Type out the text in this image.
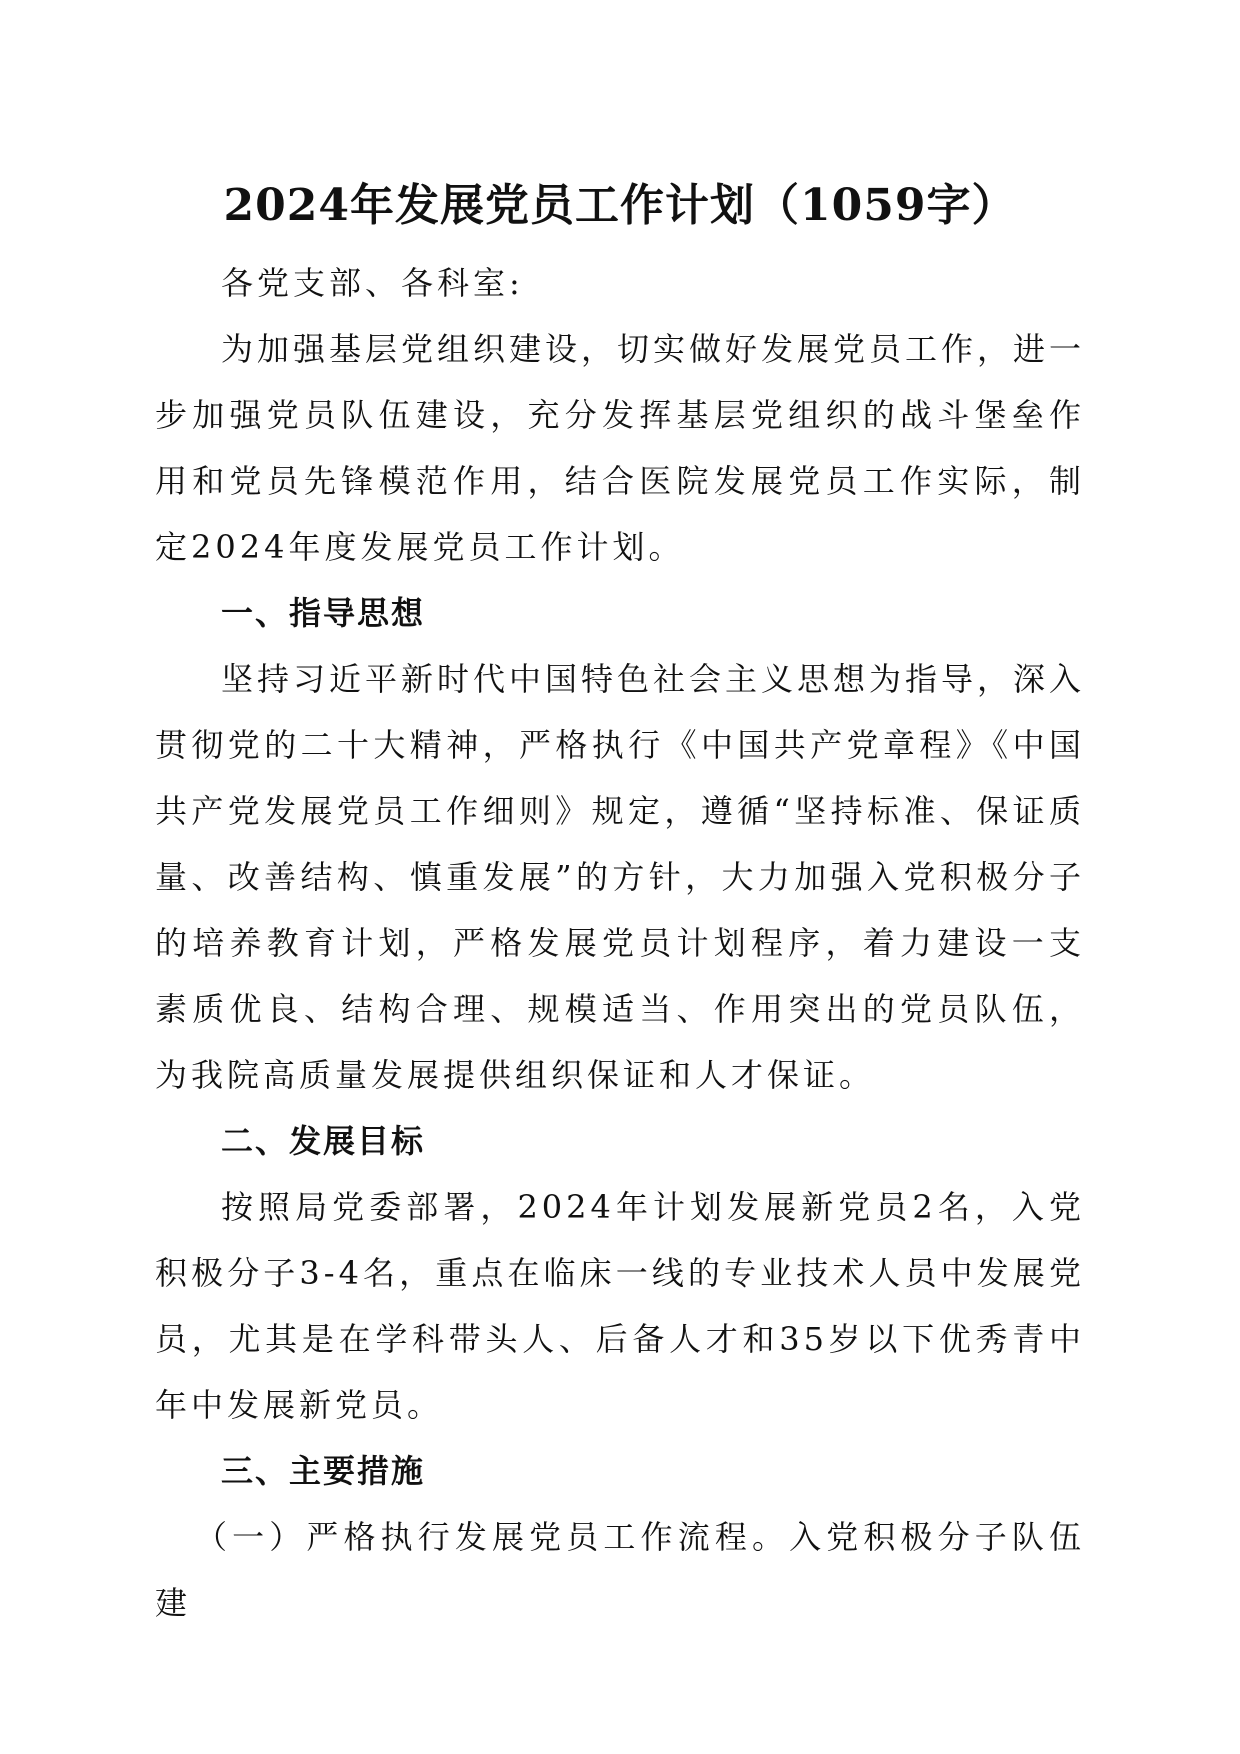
2024年发展党员工作计划（1059字）

各党支部、各科室:

为加强基层党组织建设，切实做好发展党员工作，进一步加强党员队伍建设，充分发挥基层党组织的战斗堡垒作用和党员先锋模范作用，结合医院发展党员工作实际，制定2024年度发展党员工作计划。

一、指导思想

坚持习近平新时代中国特色社会主义思想为指导，深入贯彻党的二十大精神，严格执行《中国共产党章程》《中国共产党发展党员工作细则》规定，遵循“坚持标准、保证质量、改善结构、慎重发展”的方针，大力加强入党积极分子的培养教育计划，严格发展党员计划程序，着力建设一支素质优良、结构合理、规模适当、作用突出的党员队伍，为我院高质量发展提供组织保证和人才保证。

二、发展目标

按照局党委部署，2024年计划发展新党员2名，入党积极分子3-4名，重点在临床一线的专业技术人员中发展党员，尤其是在学科带头人、后备人才和35岁以下优秀青中年中发展新党员。

三、主要措施

（一）严格执行发展党员工作流程。入党积极分子队伍建
